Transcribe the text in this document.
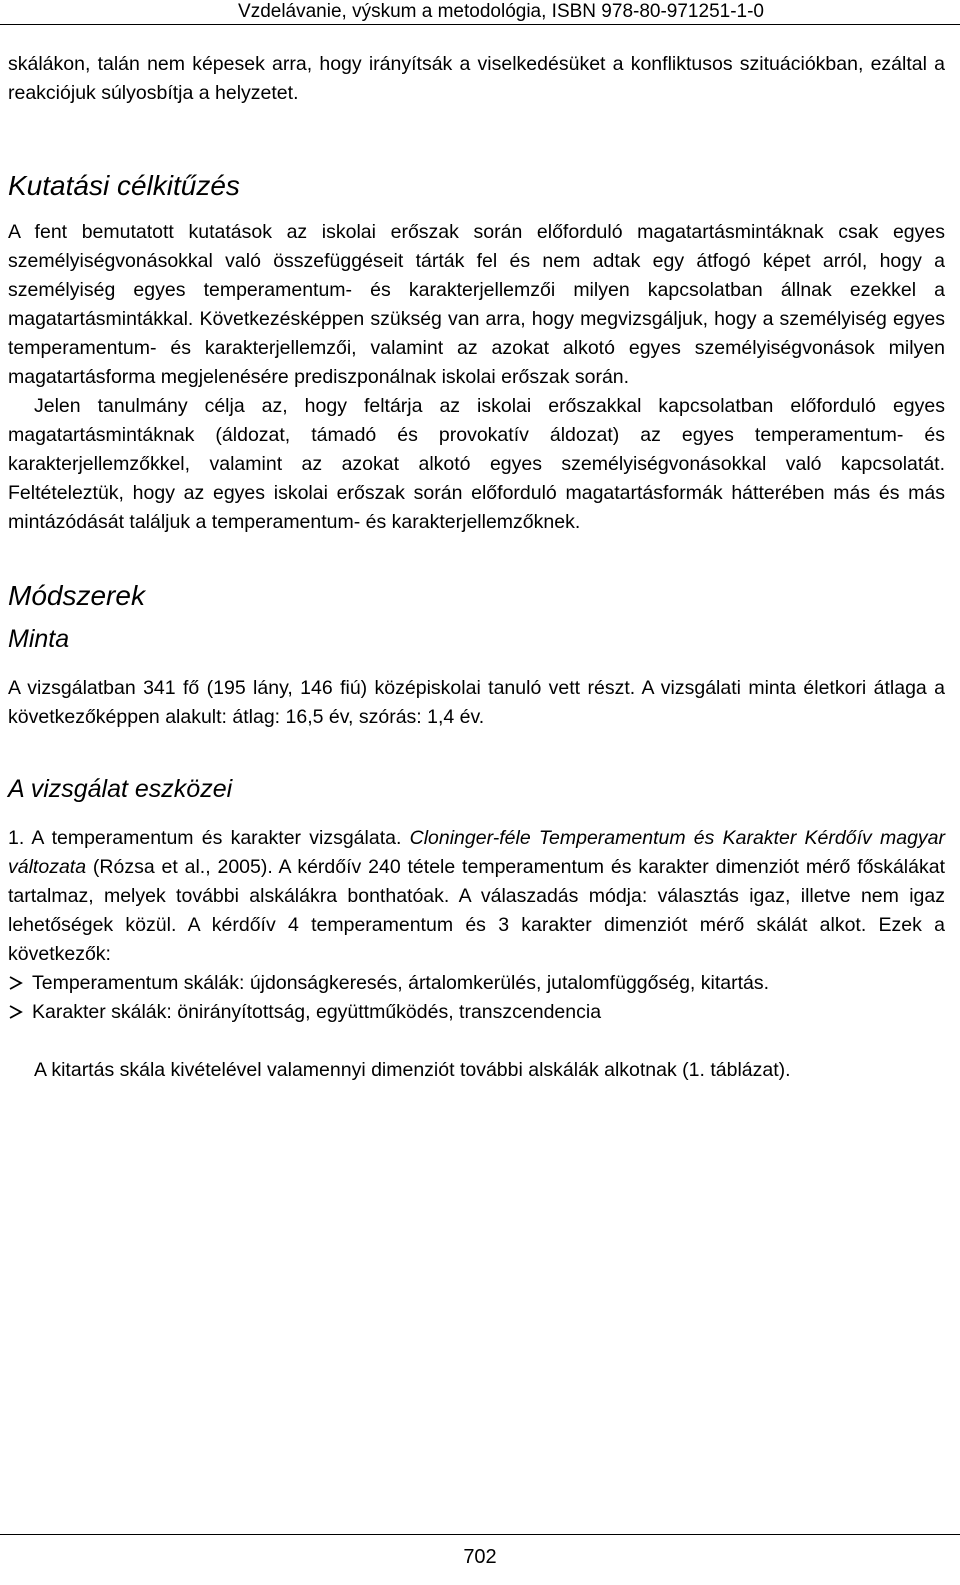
Vzdelávanie, výskum a metodológia, ISBN 978-80-971251-1-0

skálákon, talán nem képesek arra, hogy irányítsák a viselkedésüket a konfliktusos szituációkban, ezáltal a reakciójuk súlyosbítja a helyzetet.

Kutatási célkitűzés

A fent bemutatott kutatások az iskolai erőszak során előforduló magatartásmintáknak csak egyes személyiségvonásokkal való összefüggéseit tárták fel és nem adtak egy átfogó képet arról, hogy a személyiség egyes temperamentum- és karakterjellemzői milyen kapcsolatban állnak ezekkel a magatartásmintákkal. Következésképpen szükség van arra, hogy megvizsgáljuk, hogy a személyiség egyes temperamentum- és karakterjellemzői, valamint az azokat alkotó egyes személyiségvonások milyen magatartásforma megjelenésére prediszponálnak iskolai erőszak során.

Jelen tanulmány célja az, hogy feltárja az iskolai erőszakkal kapcsolatban előforduló egyes magatartásmintáknak (áldozat, támadó és provokatív áldozat) az egyes temperamentum- és karakterjellemzőkkel, valamint az azokat alkotó egyes személyiségvonásokkal való kapcsolatát. Feltételeztük, hogy az egyes iskolai erőszak során előforduló magatartásformák hátterében más és más mintázódását találjuk a temperamentum- és karakterjellemzőknek.

Módszerek
Minta

A vizsgálatban 341 fő (195 lány, 146 fiú) középiskolai tanuló vett részt. A vizsgálati minta életkori átlaga a következőképpen alakult: átlag: 16,5 év, szórás: 1,4 év.

A vizsgálat eszközei

1. A temperamentum és karakter vizsgálata. Cloninger-féle Temperamentum és Karakter Kérdőív magyar változata (Rózsa et al., 2005). A kérdőív 240 tétele temperamentum és karakter dimenziót mérő főskálákat tartalmaz, melyek további alskálákra bonthatóak. A válaszadás módja: választás igaz, illetve nem igaz lehetőségek közül. A kérdőív 4 temperamentum és 3 karakter dimenziót mérő skálát alkot. Ezek a következők:

Temperamentum skálák: újdonságkeresés, ártalomkerülés, jutalomfüggőség, kitartás.
Karakter skálák: önirányítottság, együttműködés, transzcendencia

A kitartás skála kivételével valamennyi dimenziót további alskálák alkotnak (1. táblázat).

702
